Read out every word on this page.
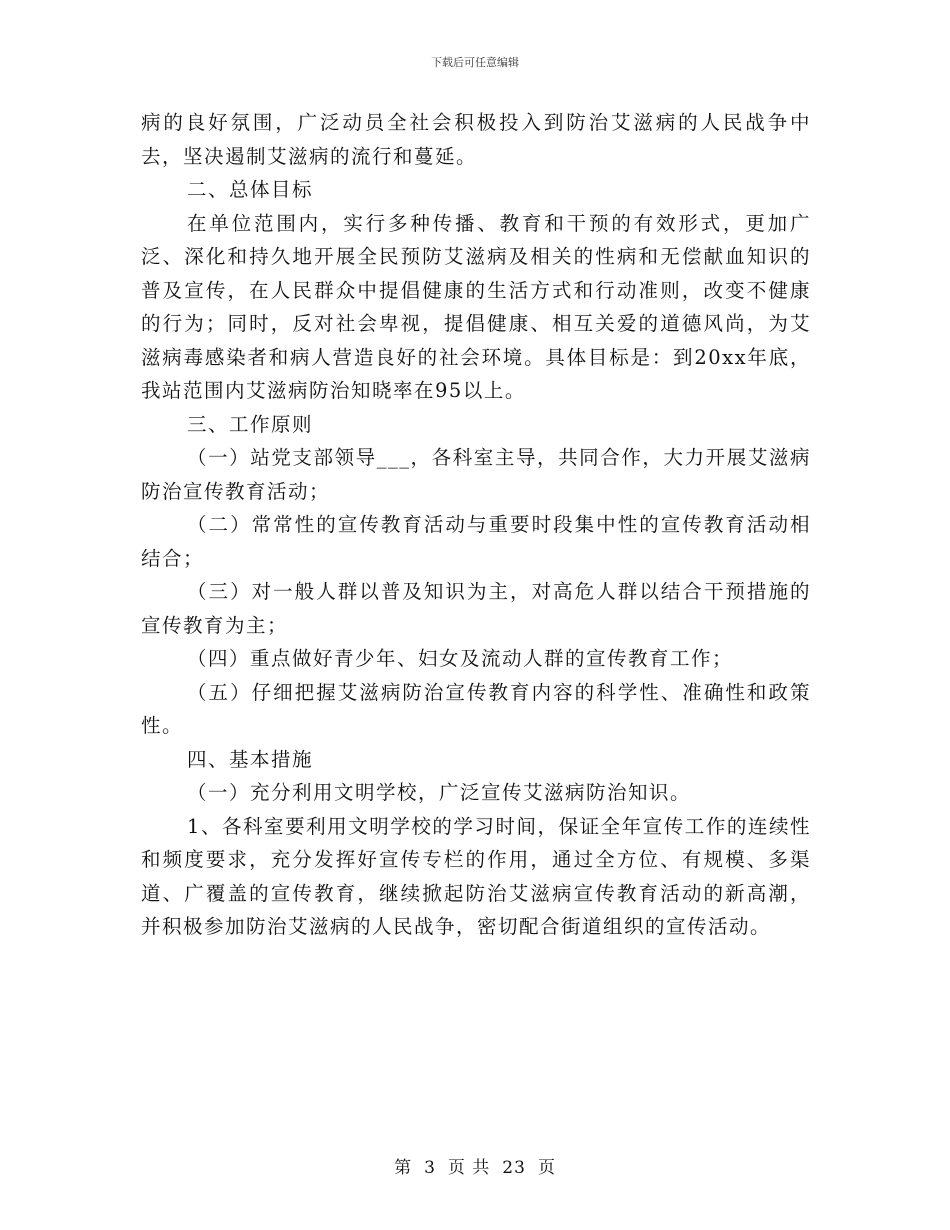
下载后可任意编辑

病的良好氛围，广泛动员全社会积极投入到防治艾滋病的人民战争中去，坚决遏制艾滋病的流行和蔓延。

二、总体目标

在单位范围内，实行多种传播、教育和干预的有效形式，更加广泛、深化和持久地开展全民预防艾滋病及相关的性病和无偿献血知识的普及宣传，在人民群众中提倡健康的生活方式和行动准则，改变不健康的行为；同时，反对社会卑视，提倡健康、相互关爱的道德风尚，为艾滋病毒感染者和病人营造良好的社会环境。具体目标是：到20xx年底，我站范围内艾滋病防治知晓率在95以上。

三、工作原则

（一）站党支部领导___，各科室主导，共同合作，大力开展艾滋病防治宣传教育活动；

（二）常常性的宣传教育活动与重要时段集中性的宣传教育活动相结合；

（三）对一般人群以普及知识为主，对高危人群以结合干预措施的宣传教育为主；

（四）重点做好青少年、妇女及流动人群的宣传教育工作；

（五）仔细把握艾滋病防治宣传教育内容的科学性、准确性和政策性。

四、基本措施

（一）充分利用文明学校，广泛宣传艾滋病防治知识。

1、各科室要利用文明学校的学习时间，保证全年宣传工作的连续性和频度要求，充分发挥好宣传专栏的作用，通过全方位、有规模、多渠道、广覆盖的宣传教育，继续掀起防治艾滋病宣传教育活动的新高潮，并积极参加防治艾滋病的人民战争，密切配合街道组织的宣传活动。

第 3 页 共 23 页
